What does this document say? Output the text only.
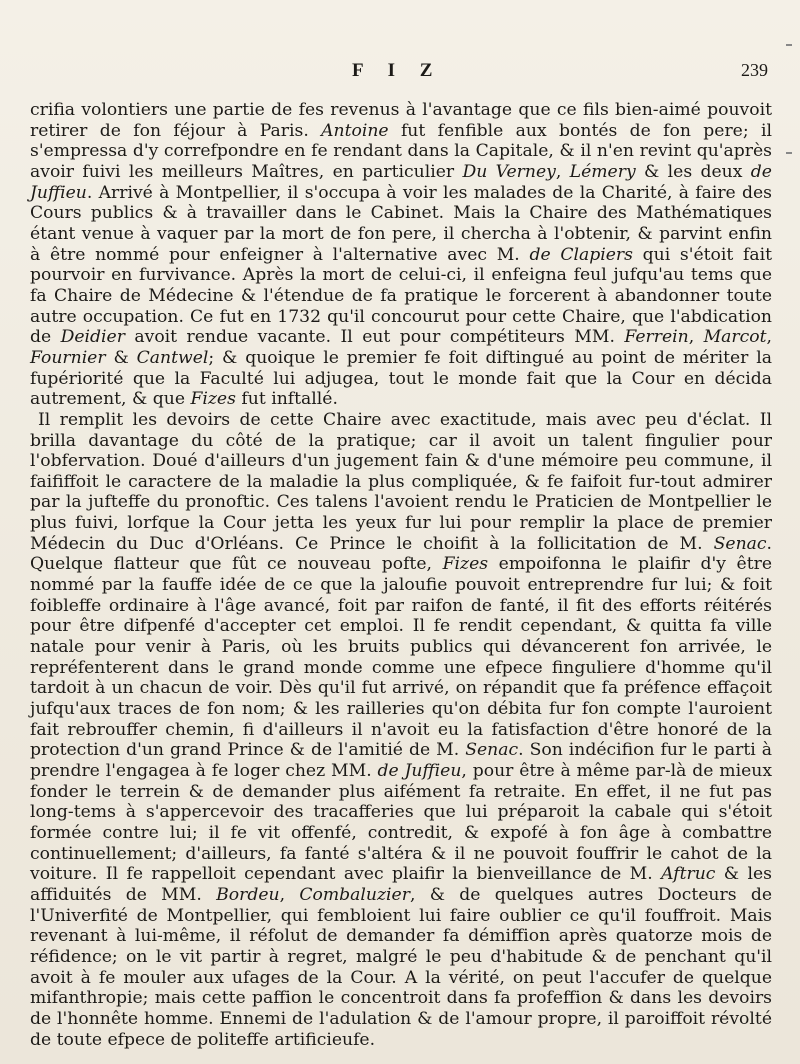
F I Z	239

crifia volontiers une partie de fes revenus à l'avantage que ce fils bien-aimé pouvoit retirer de fon féjour à Paris. Antoine fut fenfible aux bontés de fon pere; il s'empressa d'y correfpondre en fe rendant dans la Capitale, & il n'en revint qu'après avoir fuivi les meilleurs Maîtres, en particulier Du Verney, Lémery & les deux de Juffieu. Arrivé à Montpellier, il s'occupa à voir les malades de la Charité, à faire des Cours publics & à travailler dans le Cabinet. Mais la Chaire des Mathématiques étant venue à vaquer par la mort de fon pere, il chercha à l'obtenir, & parvint enfin à être nommé pour enfeigner à l'alternative avec M. de Clapiers qui s'étoit fait pourvoir en furvivance. Après la mort de celui-ci, il enfeigna feul jufqu'au tems que fa Chaire de Médecine & l'étendue de fa pratique le forcerent à abandonner toute autre occupation. Ce fut en 1732 qu'il concourut pour cette Chaire, que l'abdication de Deidier avoit rendue vacante. Il eut pour compétiteurs MM. Ferrein, Marcot, Fournier & Cantwel; & quoique le premier fe foit diftingué au point de mériter la fupériorité que la Faculté lui adjugea, tout le monde fait que la Cour en décida autrement, & que Fizes fut inftallé.

Il remplit les devoirs de cette Chaire avec exactitude, mais avec peu d'éclat. Il brilla davantage du côté de la pratique; car il avoit un talent fingulier pour l'obfervation. Doué d'ailleurs d'un jugement fain & d'une mémoire peu commune, il faififfoit le caractere de la maladie la plus compliquée, & fe faifoit fur-tout admirer par la jufteffe du pronoftic. Ces talens l'avoient rendu le Praticien de Montpellier le plus fuivi, lorfque la Cour jetta les yeux fur lui pour remplir la place de premier Médecin du Duc d'Orléans. Ce Prince le choifit à la follicitation de M. Senac. Quelque flatteur que fût ce nouveau pofte, Fizes empoifonna le plaifir d'y être nommé par la fauffe idée de ce que la jaloufie pouvoit entreprendre fur lui; & foit foibleffe ordinaire à l'âge avancé, foit par raifon de fanté, il fit des efforts réitérés pour être difpenfé d'accepter cet emploi. Il fe rendit cependant, & quitta fa ville natale pour venir à Paris, où les bruits publics qui dévancerent fon arrivée, le repréfenterent dans le grand monde comme une efpece finguliere d'homme qu'il tardoit à un chacun de voir. Dès qu'il fut arrivé, on répandit que fa préfence effaçoit jufqu'aux traces de fon nom; & les railleries qu'on débita fur fon compte l'auroient fait rebrouffer chemin, fi d'ailleurs il n'avoit eu la fatisfaction d'être honoré de la protection d'un grand Prince & de l'amitié de M. Senac. Son indécifion fur le parti à prendre l'engagea à fe loger chez MM. de Juffieu, pour être à même par-là de mieux fonder le terrein & de demander plus aifément fa retraite. En effet, il ne fut pas long-tems à s'appercevoir des tracafferies que lui préparoit la cabale qui s'étoit formée contre lui; il fe vit offenfé, contredit, & expofé à fon âge à combattre continuellement; d'ailleurs, fa fanté s'altéra & il ne pouvoit fouffrir le cahot de la voiture. Il fe rappelloit cependant avec plaifir la bienveillance de M. Aftruc & les affiduités de MM. Bordeu, Combaluzier, & de quelques autres Docteurs de l'Univerfité de Montpellier, qui fembloient lui faire oublier ce qu'il fouffroit. Mais revenant à lui-même, il réfolut de demander fa démiffion après quatorze mois de réfidence; on le vit partir à regret, malgré le peu d'habitude & de penchant qu'il avoit à fe mouler aux ufages de la Cour. A la vérité, on peut l'accufer de quelque mifanthropie; mais cette paffion le concentroit dans fa profeffion & dans les devoirs de l'honnête homme. Ennemi de l'adulation & de l'amour propre, il paroiffoit révolté de toute efpece de politeffe artificieufe.
